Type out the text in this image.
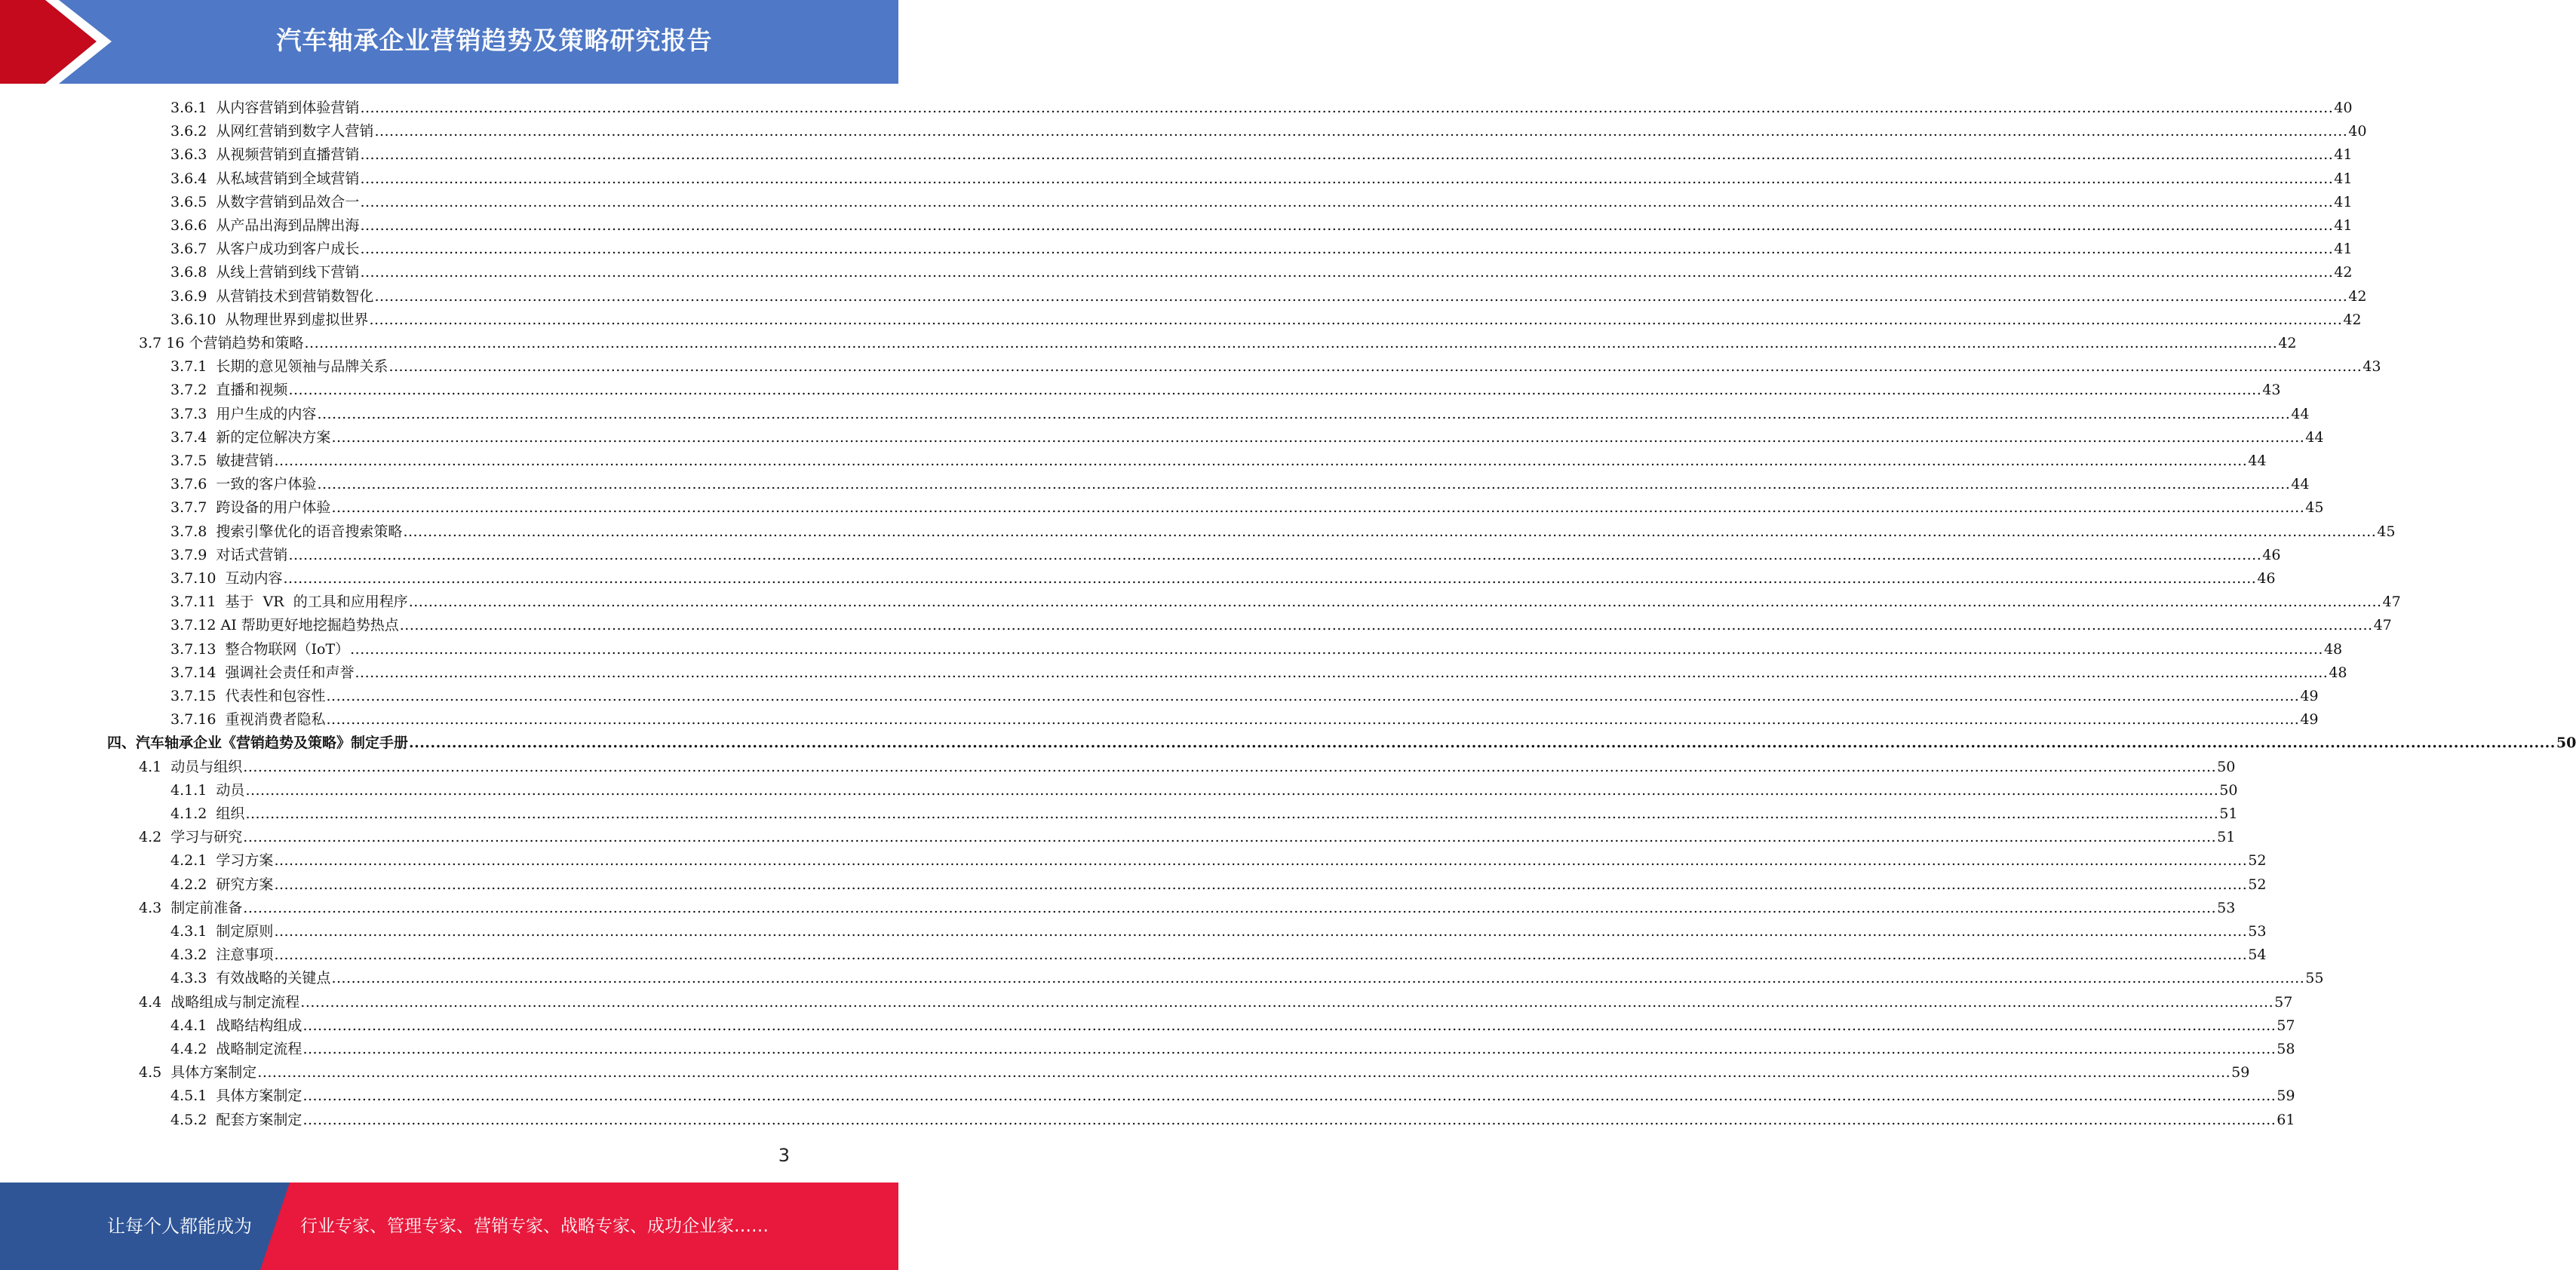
汽车轴承企业营销趋势及策略研究报告
3.6.1  从内容营销到体验营销 ................................................................................................................................................................................................................................................................................................................................................................................................................ 40
3.6.2  从网红营销到数字人营销 ................................................................................................................................................................................................................................................................................................................................................................................................................ 40
3.6.3  从视频营销到直播营销 ................................................................................................................................................................................................................................................................................................................................................................................................................ 41
3.6.4  从私域营销到全域营销 ................................................................................................................................................................................................................................................................................................................................................................................................................ 41
3.6.5  从数字营销到品效合一 ................................................................................................................................................................................................................................................................................................................................................................................................................ 41
3.6.6  从产品出海到品牌出海 ................................................................................................................................................................................................................................................................................................................................................................................................................ 41
3.6.7  从客户成功到客户成长 ................................................................................................................................................................................................................................................................................................................................................................................................................ 41
3.6.8  从线上营销到线下营销 ................................................................................................................................................................................................................................................................................................................................................................................................................ 42
3.6.9  从营销技术到营销数智化 ................................................................................................................................................................................................................................................................................................................................................................................................................ 42
3.6.10  从物理世界到虚拟世界 ................................................................................................................................................................................................................................................................................................................................................................................................................ 42
3.7 16 个营销趋势和策略 ................................................................................................................................................................................................................................................................................................................................................................................................................ 42
3.7.1  长期的意见领袖与品牌关系 ................................................................................................................................................................................................................................................................................................................................................................................................................ 43
3.7.2  直播和视频 ................................................................................................................................................................................................................................................................................................................................................................................................................ 43
3.7.3  用户生成的内容 ................................................................................................................................................................................................................................................................................................................................................................................................................ 44
3.7.4  新的定位解决方案 ................................................................................................................................................................................................................................................................................................................................................................................................................ 44
3.7.5  敏捷营销 ................................................................................................................................................................................................................................................................................................................................................................................................................ 44
3.7.6  一致的客户体验 ................................................................................................................................................................................................................................................................................................................................................................................................................ 44
3.7.7  跨设备的用户体验 ................................................................................................................................................................................................................................................................................................................................................................................................................ 45
3.7.8  搜索引擎优化的语音搜索策略 ................................................................................................................................................................................................................................................................................................................................................................................................................ 45
3.7.9  对话式营销 ................................................................................................................................................................................................................................................................................................................................................................................................................ 46
3.7.10  互动内容 ................................................................................................................................................................................................................................................................................................................................................................................................................ 46
3.7.11  基于  VR  的工具和应用程序 ................................................................................................................................................................................................................................................................................................................................................................................................................ 47
3.7.12 AI 帮助更好地挖掘趋势热点 ................................................................................................................................................................................................................................................................................................................................................................................................................ 47
3.7.13  整合物联网（IoT） ................................................................................................................................................................................................................................................................................................................................................................................................................ 48
3.7.14  强调社会责任和声誉 ................................................................................................................................................................................................................................................................................................................................................................................................................ 48
3.7.15  代表性和包容性 ................................................................................................................................................................................................................................................................................................................................................................................................................ 49
3.7.16  重视消费者隐私 ................................................................................................................................................................................................................................................................................................................................................................................................................ 49
四、汽车轴承企业《营销趋势及策略》制定手册 ................................................................................................................................................................................................................................................................................................................................................................................................................ 50
4.1  动员与组织 ................................................................................................................................................................................................................................................................................................................................................................................................................ 50
4.1.1  动员 ................................................................................................................................................................................................................................................................................................................................................................................................................ 50
4.1.2  组织 ................................................................................................................................................................................................................................................................................................................................................................................................................ 51
4.2  学习与研究 ................................................................................................................................................................................................................................................................................................................................................................................................................ 51
4.2.1  学习方案 ................................................................................................................................................................................................................................................................................................................................................................................................................ 52
4.2.2  研究方案 ................................................................................................................................................................................................................................................................................................................................................................................................................ 52
4.3  制定前准备 ................................................................................................................................................................................................................................................................................................................................................................................................................ 53
4.3.1  制定原则 ................................................................................................................................................................................................................................................................................................................................................................................................................ 53
4.3.2  注意事项 ................................................................................................................................................................................................................................................................................................................................................................................................................ 54
4.3.3  有效战略的关键点 ................................................................................................................................................................................................................................................................................................................................................................................................................ 55
4.4  战略组成与制定流程 ................................................................................................................................................................................................................................................................................................................................................................................................................ 57
4.4.1  战略结构组成 ................................................................................................................................................................................................................................................................................................................................................................................................................ 57
4.4.2  战略制定流程 ................................................................................................................................................................................................................................................................................................................................................................................................................ 58
4.5  具体方案制定 ................................................................................................................................................................................................................................................................................................................................................................................................................ 59
4.5.1  具体方案制定 ................................................................................................................................................................................................................................................................................................................................................................................................................ 59
4.5.2  配套方案制定 ................................................................................................................................................................................................................................................................................................................................................................................................................ 61
3
让每个人都能成为	行业专家、管理专家、营销专家、战略专家、成功企业家……
